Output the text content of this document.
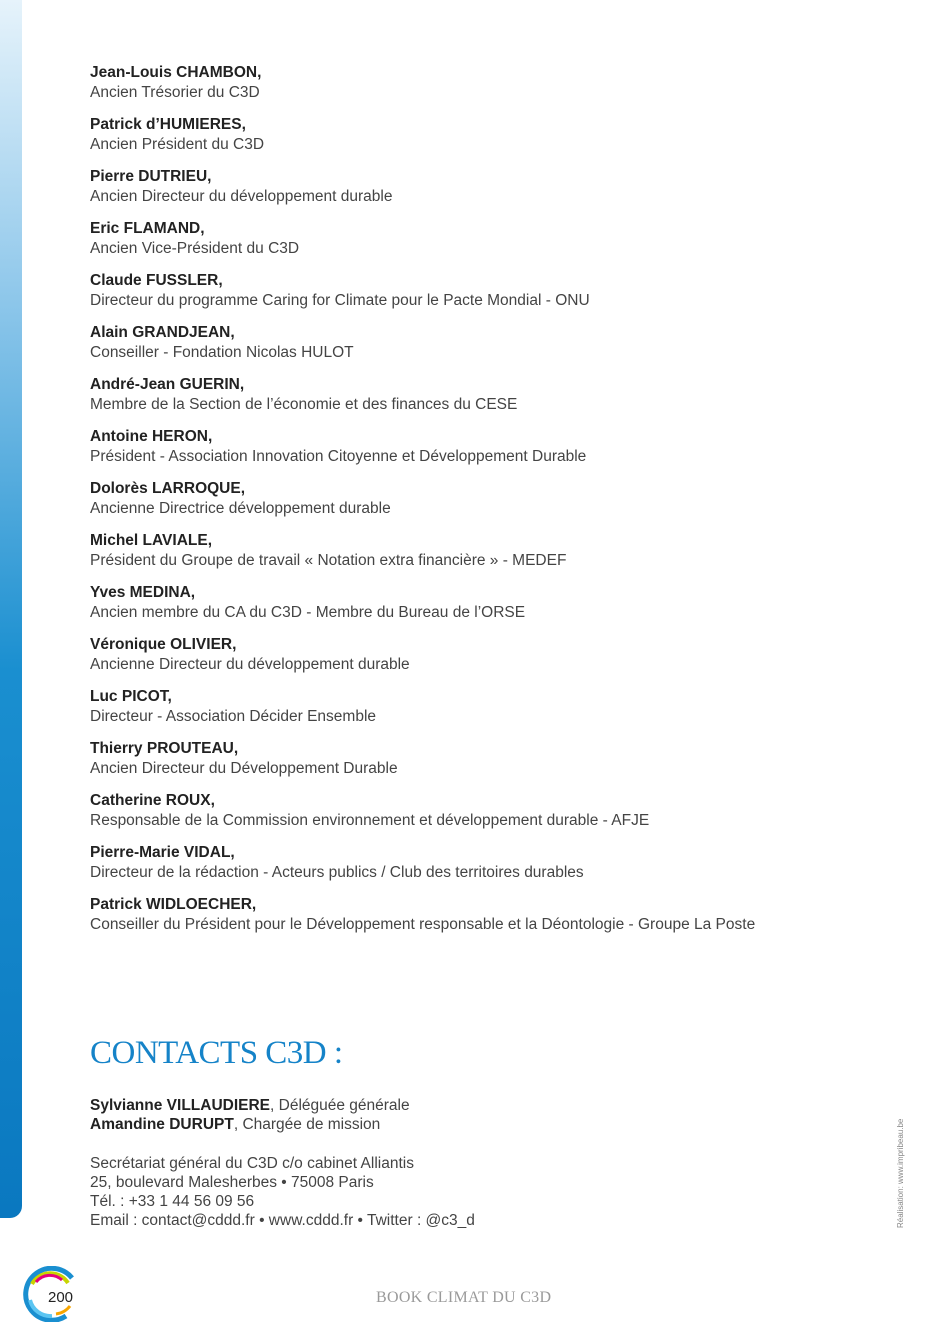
Jean-Louis CHAMBON,
Ancien Trésorier du C3D
Patrick d’HUMIERES,
Ancien Président du C3D
Pierre DUTRIEU,
Ancien Directeur du développement durable
Eric FLAMAND,
Ancien Vice-Président du C3D
Claude FUSSLER,
Directeur du programme Caring for Climate pour le Pacte Mondial - ONU
Alain GRANDJEAN,
Conseiller - Fondation Nicolas HULOT
André-Jean GUERIN,
Membre de la Section de l’économie et des finances du CESE
Antoine HERON,
Président - Association Innovation Citoyenne et Développement Durable
Dolorès LARROQUE,
Ancienne Directrice développement durable
Michel LAVIALE,
Président du Groupe de travail « Notation extra financière » - MEDEF
Yves MEDINA,
Ancien membre du CA du C3D - Membre du Bureau de l’ORSE
Véronique OLIVIER,
Ancienne Directeur du développement durable
Luc PICOT,
Directeur - Association Décider Ensemble
Thierry PROUTEAU,
Ancien Directeur du Développement Durable
Catherine ROUX,
Responsable de la Commission environnement et développement durable - AFJE
Pierre-Marie VIDAL,
Directeur de la rédaction - Acteurs publics / Club des territoires durables
Patrick WIDLOECHER,
Conseiller du Président pour le Développement responsable et la Déontologie - Groupe La Poste
CONTACTS C3D :
Sylvianne VILLAUDIERE, Déléguée générale
Amandine DURUPT, Chargée de mission
Secrétariat général du C3D c/o cabinet Alliantis
25, boulevard Malesherbes • 75008 Paris
Tél. : +33 1 44 56 09 56
Email : contact@cddd.fr • www.cddd.fr • Twitter : @c3_d	Réalisation: www.impribeau.be
200	BOOK CLIMAT DU C3D
